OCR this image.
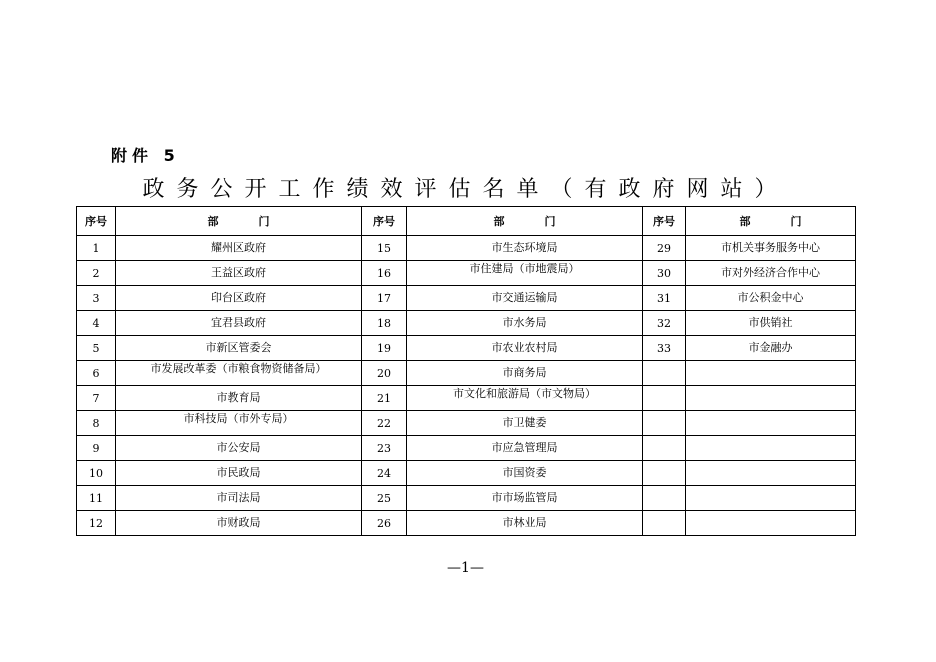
附件 5
政务公开工作绩效评估名单（有政府网站）
序号	部门	序号	部门	序号	部门
1	耀州区政府	15	市生态环境局	29	市机关事务服务中心
2	王益区政府	16	市住建局（市地震局）	30	市对外经济合作中心
3	印台区政府	17	市交通运输局	31	市公积金中心
4	宜君县政府	18	市水务局	32	市供销社
5	市新区管委会	19	市农业农村局	33	市金融办
6	市发展改革委（市粮食物资储备局）	20	市商务局		
7	市教育局	21	市文化和旅游局（市文物局）		
8	市科技局（市外专局）	22	市卫健委		
9	市公安局	23	市应急管理局		
10	市民政局	24	市国资委		
11	市司法局	25	市市场监管局		
12	市财政局	26	市林业局		
—1—
